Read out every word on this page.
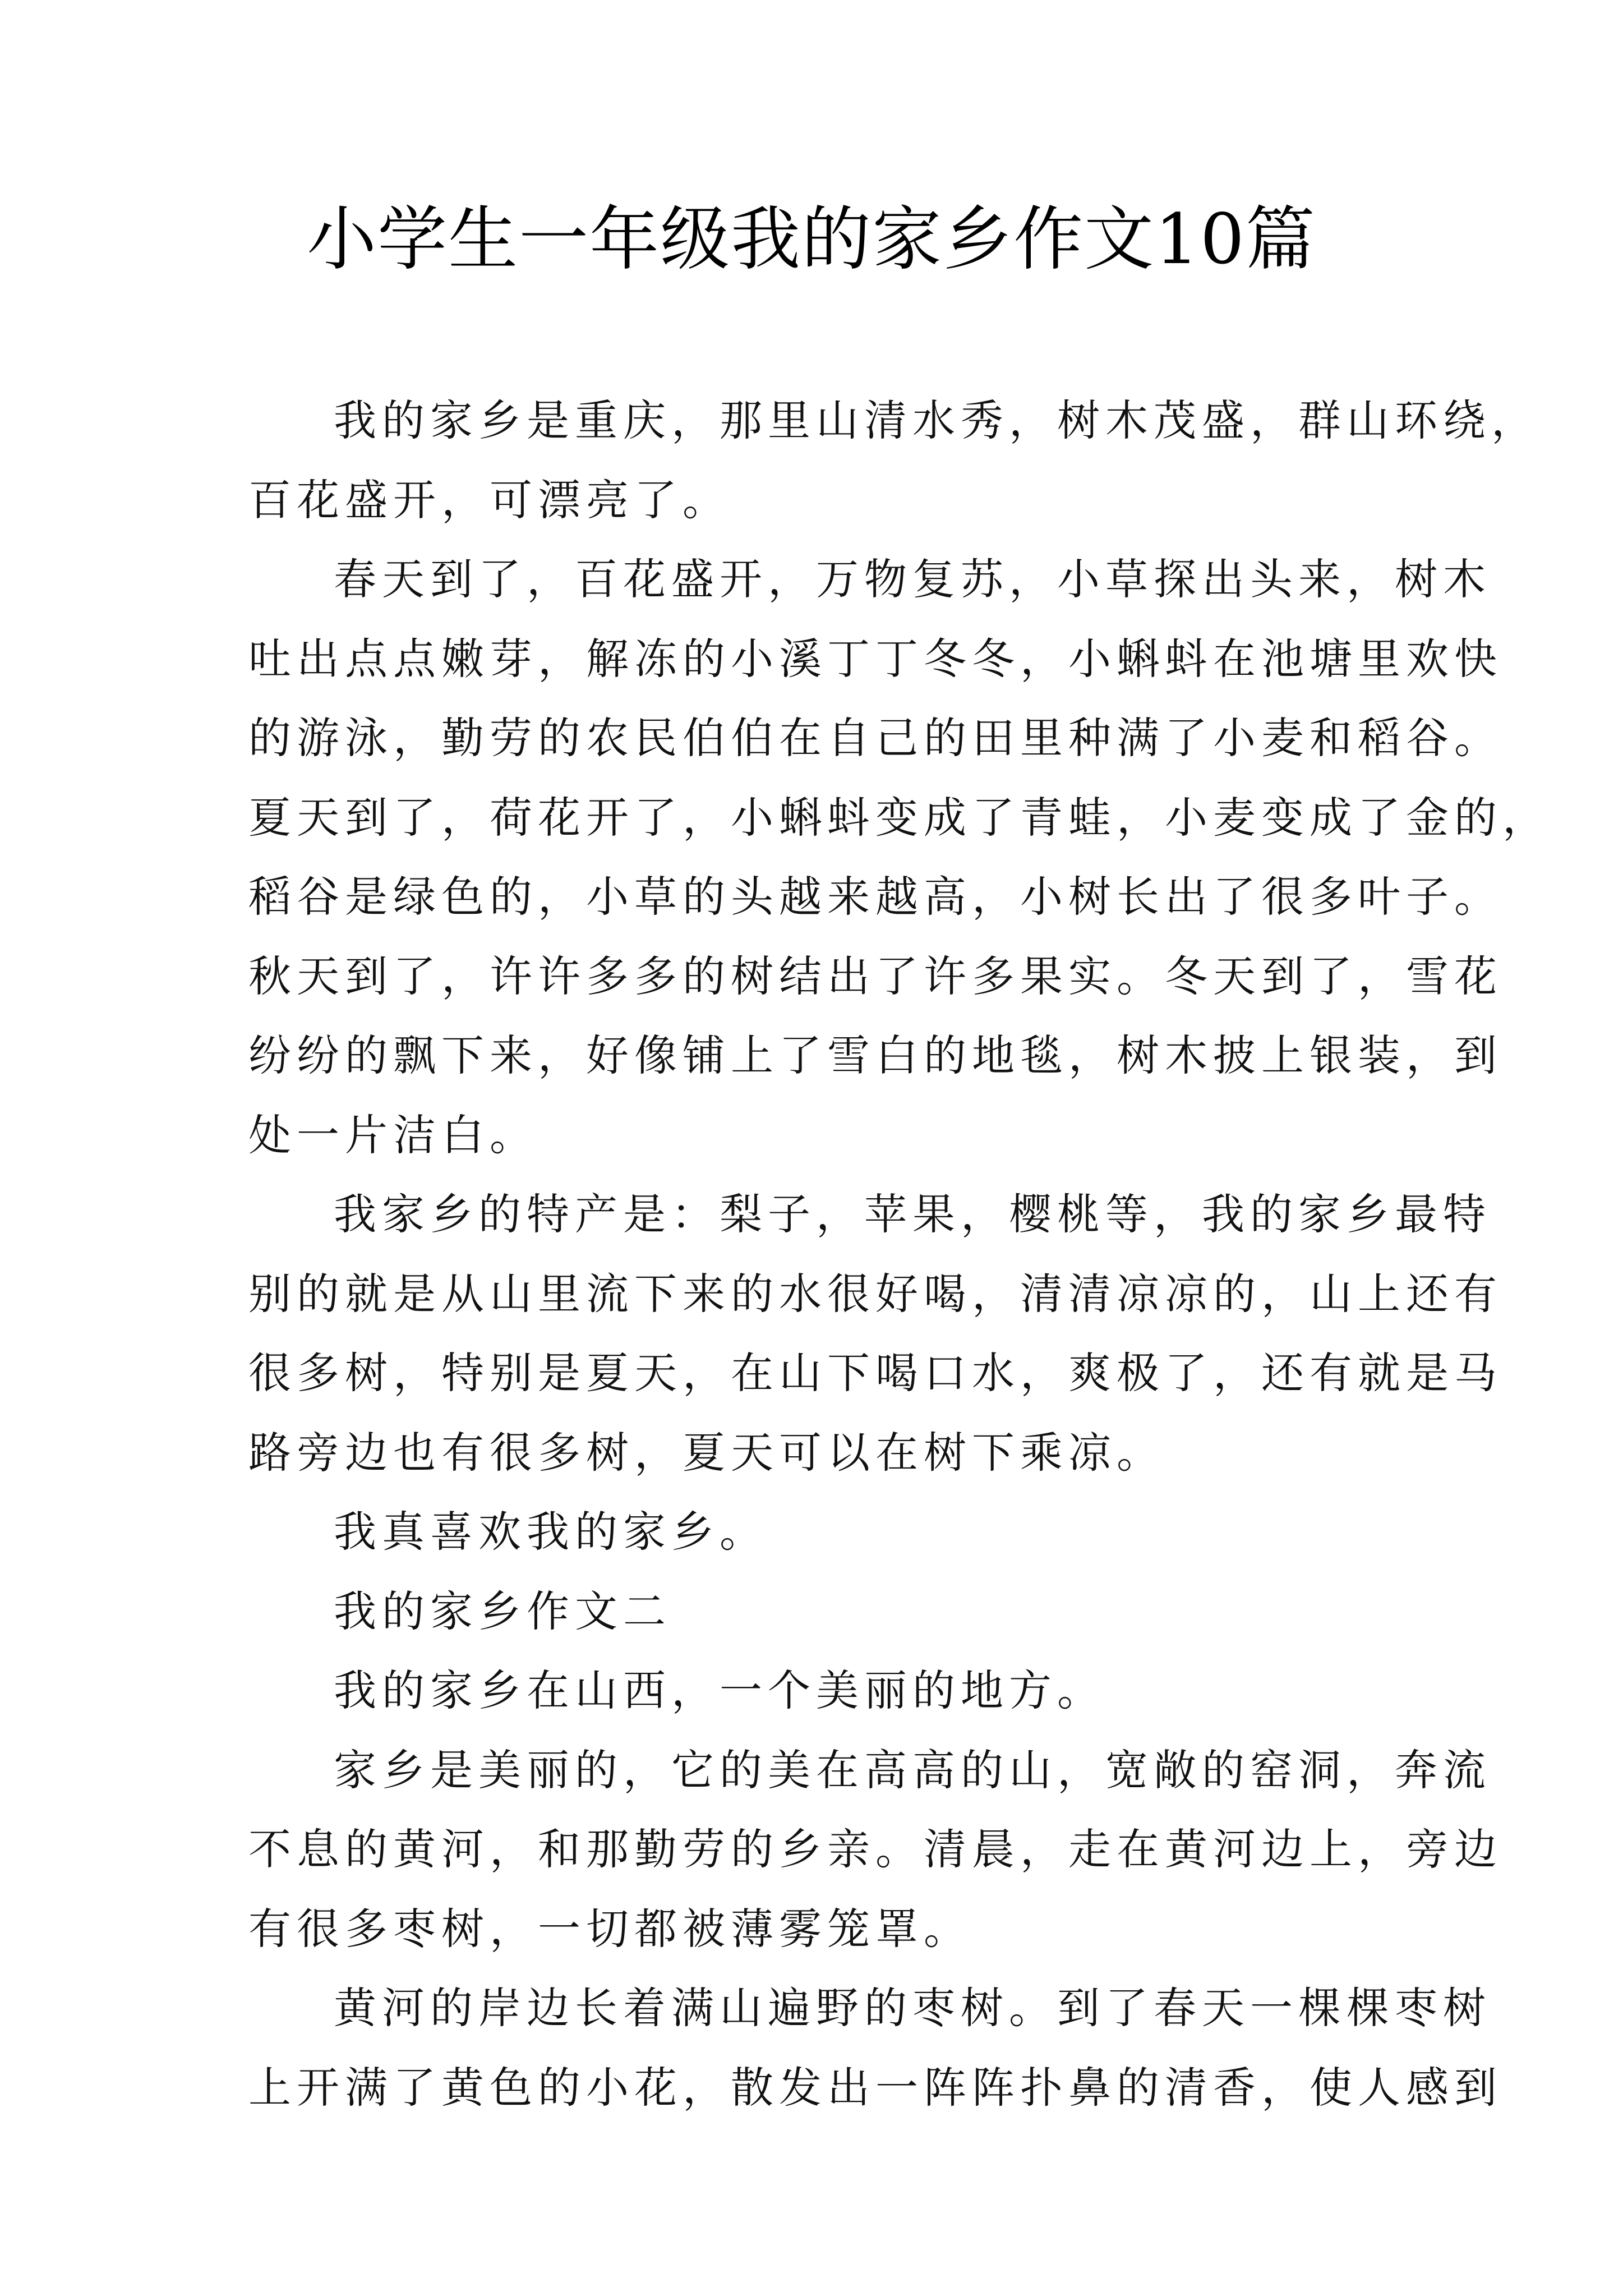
小学生一年级我的家乡作文10篇
我的家乡是重庆，那里山清水秀，树木茂盛，群山环绕，
百花盛开，可漂亮了。
春天到了，百花盛开，万物复苏，小草探出头来，树木
吐出点点嫩芽，解冻的小溪丁丁冬冬，小蝌蚪在池塘里欢快
的游泳，勤劳的农民伯伯在自己的田里种满了小麦和稻谷。
夏天到了，荷花开了，小蝌蚪变成了青蛙，小麦变成了金的，
稻谷是绿色的，小草的头越来越高，小树长出了很多叶子。
秋天到了，许许多多的树结出了许多果实。冬天到了，雪花
纷纷的飘下来，好像铺上了雪白的地毯，树木披上银装，到
处一片洁白。
我家乡的特产是：梨子，苹果，樱桃等，我的家乡最特
别的就是从山里流下来的水很好喝，清清凉凉的，山上还有
很多树，特别是夏天，在山下喝口水，爽极了，还有就是马
路旁边也有很多树，夏天可以在树下乘凉。
我真喜欢我的家乡。
我的家乡作文二
我的家乡在山西，一个美丽的地方。
家乡是美丽的，它的美在高高的山，宽敞的窑洞，奔流
不息的黄河，和那勤劳的乡亲。清晨，走在黄河边上，旁边
有很多枣树，一切都被薄雾笼罩。
黄河的岸边长着满山遍野的枣树。到了春天一棵棵枣树
上开满了黄色的小花，散发出一阵阵扑鼻的清香，使人感到
